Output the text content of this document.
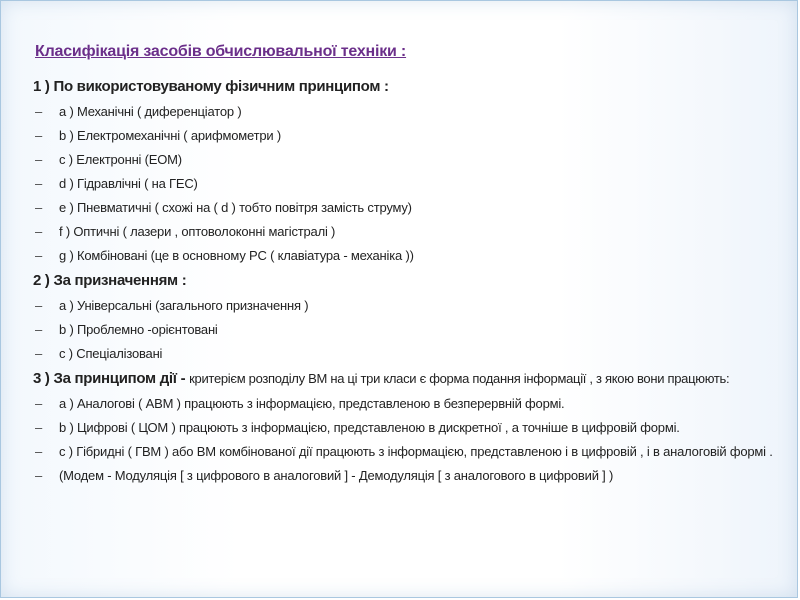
Класифікація засобів обчислювальної техніки :
1 ) По використовуваному фізичним принципом :
– а ) Механічні ( диференціатор )
– b ) Електромеханічні ( арифмометри )
– c ) Електронні (ЕОМ)
– d ) Гідравлічні ( на ГЕС)
– e ) Пневматичні ( схожі на ( d ) тобто повітря замість струму)
– f ) Оптичні ( лазери , оптоволоконні магістралі )
– g ) Комбіновані (це в основному PC ( клавіатура - механіка ))
2 ) За призначенням :
– a ) Універсальні (загального призначення )
– b ) Проблемно -орієнтовані
– c ) Спеціалізовані
3 ) За принципом дії - критерієм розподілу ВМ на ці три класи є форма подання інформації , з якою вони працюють:
– a ) Аналогові ( АВМ ) працюють з інформацією, представленою в безперервній формі.
– b ) Цифрові ( ЦОМ ) працюють з інформацією, представленою в дискретної , а точніше в цифровій формі.
– c ) Гібридні ( ГВМ ) або ВМ комбінованої дії працюють з інформацією, представленою і в цифровій , і в аналоговій формі .
– (Модем - Модуляція [ з цифрового в аналоговий ] - Демодуляція [ з аналогового в цифровий ] )
